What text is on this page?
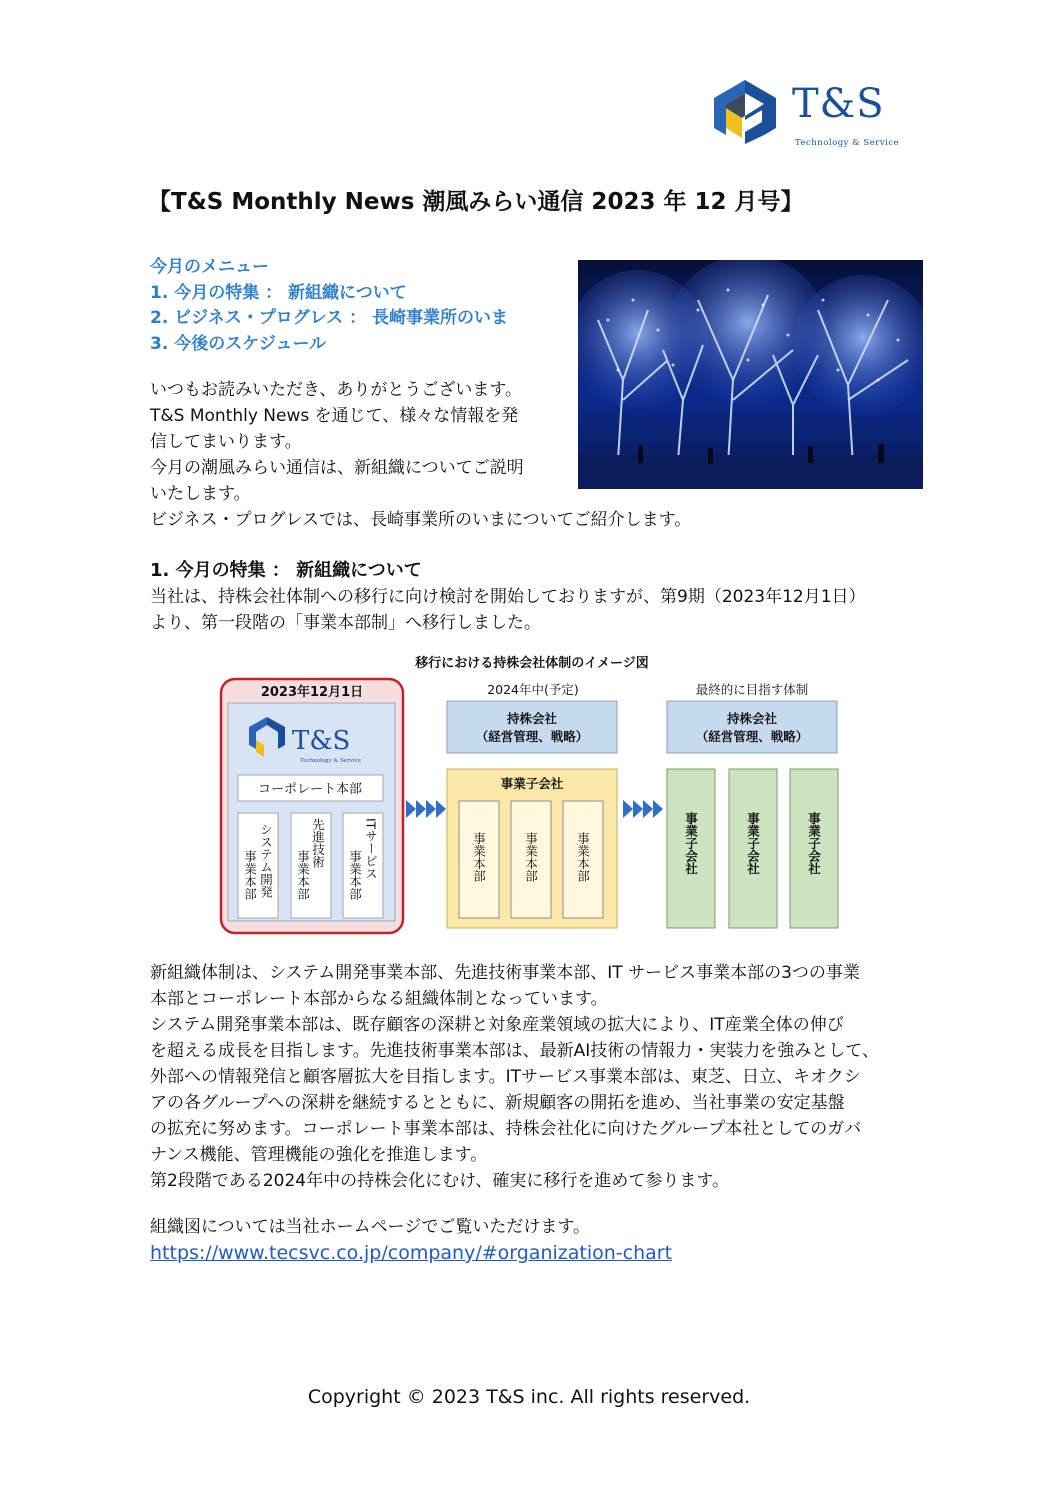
T&S
Technology & Service
【T&S Monthly News 潮風みらい通信 2023 年 12 月号】
今月のメニュー
1. 今月の特集 ： 新組織について
2. ビジネス・プログレス ： 長崎事業所のいま
3. 今後のスケジュール
いつもお読みいただき、ありがとうございます。
T&S Monthly News を通じて、様々な情報を発
信してまいります。
今月の潮風みらい通信は、新組織についてご説明
いたします。
ビジネス・プログレスでは、長崎事業所のいまについてご紹介します。
1. 今月の特集 ： 新組織について
当社は、持株会社体制への移行に向け検討を開始しておりますが、第9期（2023年12月1日）
より、第一段階の「事業本部制」へ移行しました。
移行における持株会社体制のイメージ図
2023年12月1日
T&S
Technology & Service
コーポレート本部
システム開発
事業本部
先進技術
事業本部	ITサービス
事業本部
2024年中(予定)
持株会社
（経営管理、戦略）
事業子会社
事業本部	事業本部	事業本部
最終的に目指す体制
持株会社
（経営管理、戦略）
事業子会社	事業子会社	事業子会社
新組織体制は、システム開発事業本部、先進技術事業本部、IT サービス事業本部の3つの事業
本部とコーポレート本部からなる組織体制となっています。
システム開発事業本部は、既存顧客の深耕と対象産業領域の拡大により、IT産業全体の伸び
を超える成長を目指します。先進技術事業本部は、最新AI技術の情報力・実装力を強みとして、
外部への情報発信と顧客層拡大を目指します。ITサービス事業本部は、東芝、日立、キオクシ
アの各グループへの深耕を継続するとともに、新規顧客の開拓を進め、当社事業の安定基盤
の拡充に努めます。コーポレート事業本部は、持株会社化に向けたグループ本社としてのガバ
ナンス機能、管理機能の強化を推進します。
第2段階である2024年中の持株会化にむけ、確実に移行を進めて参ります。
組織図については当社ホームページでご覧いただけます。
https://www.tecsvc.co.jp/company/#organization-chart
Copyright © 2023 T&S inc. All rights reserved.
